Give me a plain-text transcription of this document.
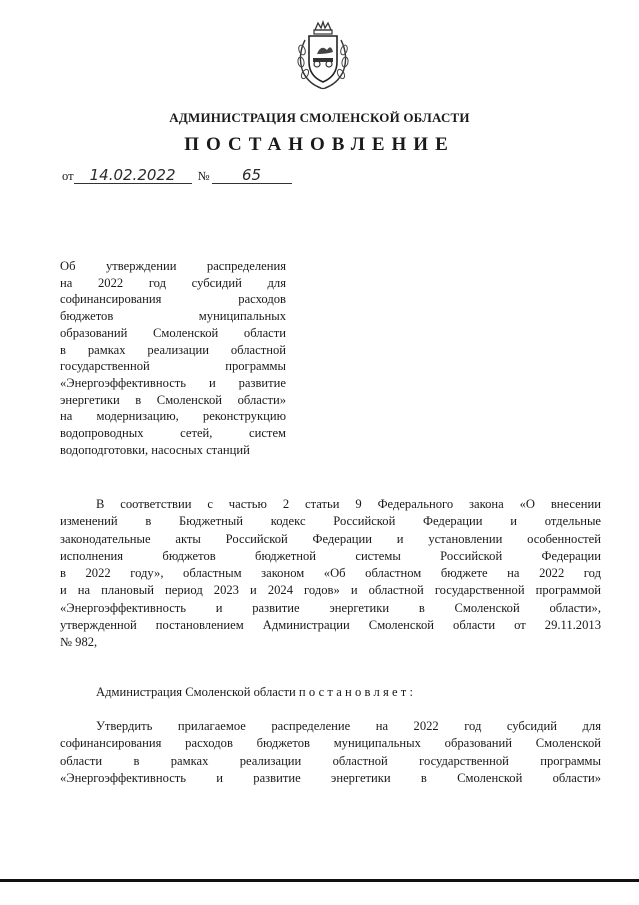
АДМИНИСТРАЦИЯ СМОЛЕНСКОЙ ОБЛАСТИ
ПОСТАНОВЛЕНИЕ
от	14.02.2022	№	65
Об утверждении распределения
на 2022 год субсидий для
софинансирования расходов
бюджетов муниципальных
образований Смоленской области
в рамках реализации областной
государственной программы
«Энергоэффективность и развитие
энергетики в Смоленской области»
на модернизацию, реконструкцию
водопроводных сетей, систем
водоподготовки, насосных станций
В соответствии с частью 2 статьи 9 Федерального закона «О внесении
изменений в Бюджетный кодекс Российской Федерации и отдельные
законодательные акты Российской Федерации и установлении особенностей
исполнения бюджетов бюджетной системы Российской Федерации
в 2022 году», областным законом «Об областном бюджете на 2022 год
и на плановый период 2023 и 2024 годов» и областной государственной программой
«Энергоэффективность и развитие энергетики в Смоленской области»,
утвержденной постановлением Администрации Смоленской области от 29.11.2013
№ 982,
Администрация Смоленской области постановляет:
Утвердить прилагаемое распределение на 2022 год субсидий для
софинансирования расходов бюджетов муниципальных образований Смоленской
области в рамках реализации областной государственной программы
«Энергоэффективность и развитие энергетики в Смоленской области»
